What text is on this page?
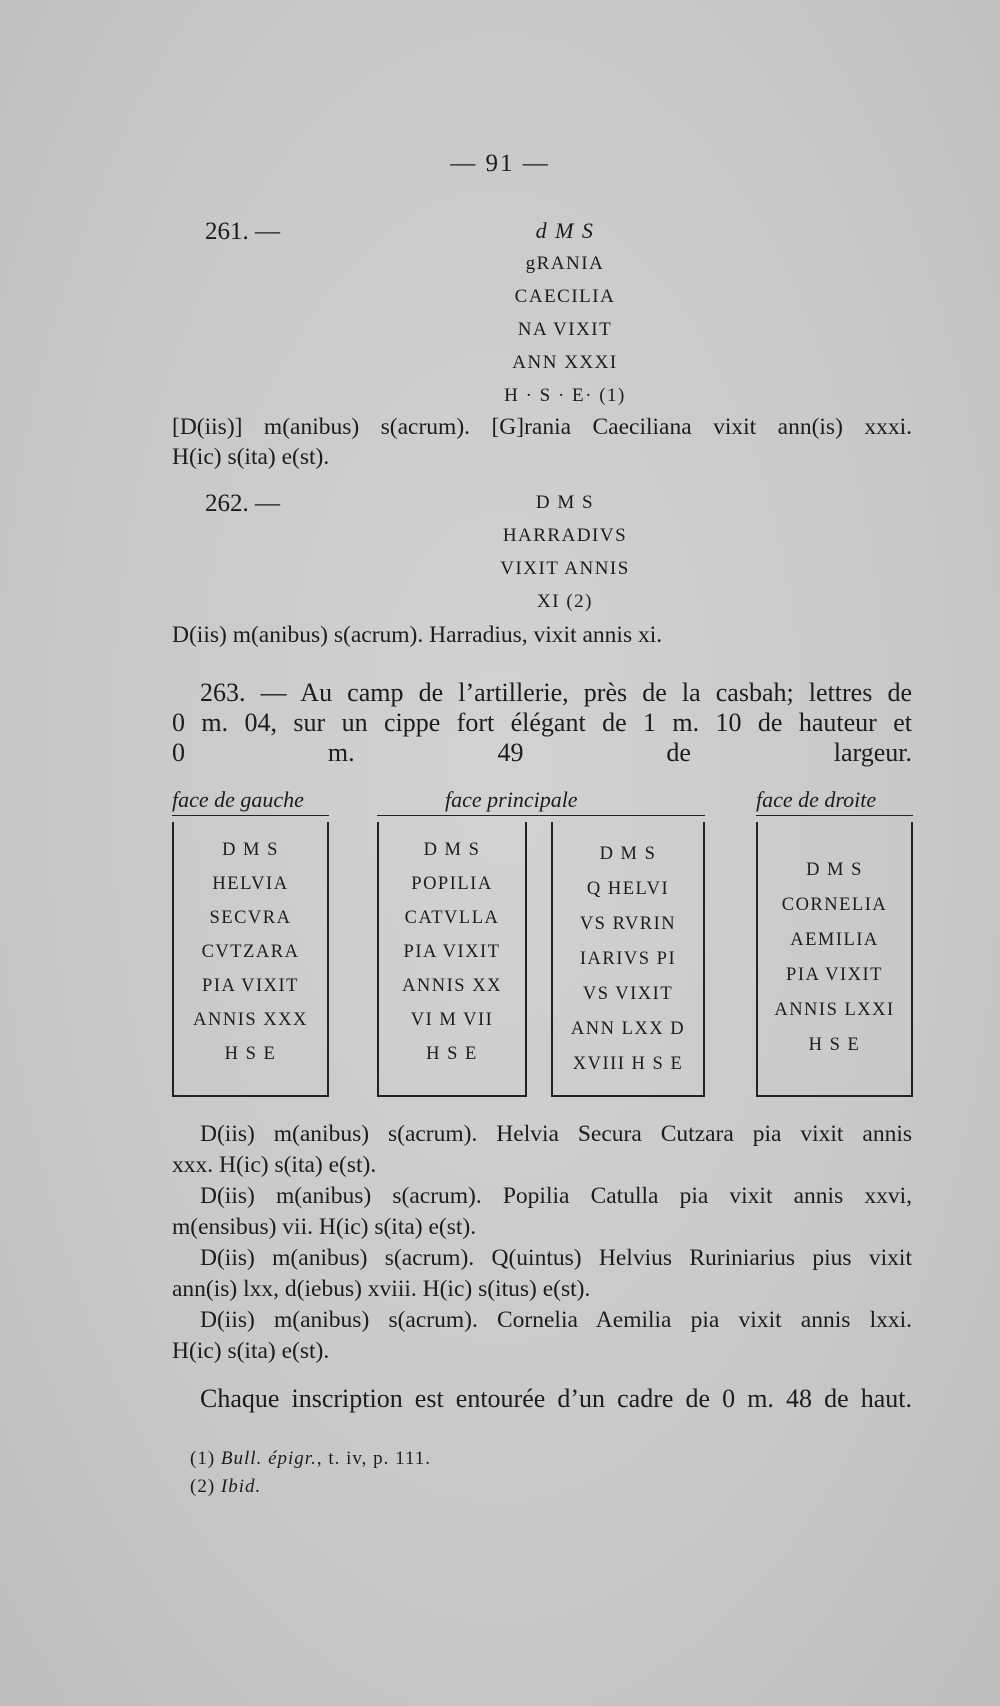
— 91 —
261. —	d M S
gRANIA
CAECILIA
NA VIXIT
ANN XXXI
H · S · E· (1)
[D(iis)] m(anibus) s(acrum). [G]rania Caeciliana vixit ann(is) xxxi.
H(ic) s(ita) e(st).
262. —	D M S
HARRADIVS
VIXIT ANNIS
XI (2)
D(iis) m(anibus) s(acrum). Harradius, vixit annis xi.
263. — Au camp de l’artillerie, près de la casbah; lettres de
0 m. 04, sur un cippe fort élégant de 1 m. 10 de hauteur et
0 m. 49 de largeur.
face de gauche	face principale	face de droite
D M S
HELVIA
SECVRA
CVTZARA
PIA VIXIT
ANNIS XXX
H S E
D M S
POPILIA
CATVLLA
PIA VIXIT
ANNIS XX
VI M VII
H S E
D M S
Q HELVI
VS RVRIN
IARIVS PI
VS VIXIT
ANN LXX D
XVIII H S E
D M S
CORNELIA
AEMILIA
PIA VIXIT
ANNIS LXXI
H S E
D(iis) m(anibus) s(acrum). Helvia Secura Cutzara pia vixit annis
xxx. H(ic) s(ita) e(st).
D(iis) m(anibus) s(acrum). Popilia Catulla pia vixit annis xxvi,
m(ensibus) vii. H(ic) s(ita) e(st).
D(iis) m(anibus) s(acrum). Q(uintus) Helvius Ruriniarius pius vixit
ann(is) lxx, d(iebus) xviii. H(ic) s(itus) e(st).
D(iis) m(anibus) s(acrum). Cornelia Aemilia pia vixit annis lxxi.
H(ic) s(ita) e(st).
Chaque inscription est entourée d’un cadre de 0 m. 48 de haut.
(1) Bull. épigr., t. iv, p. 111.
(2) Ibid.
